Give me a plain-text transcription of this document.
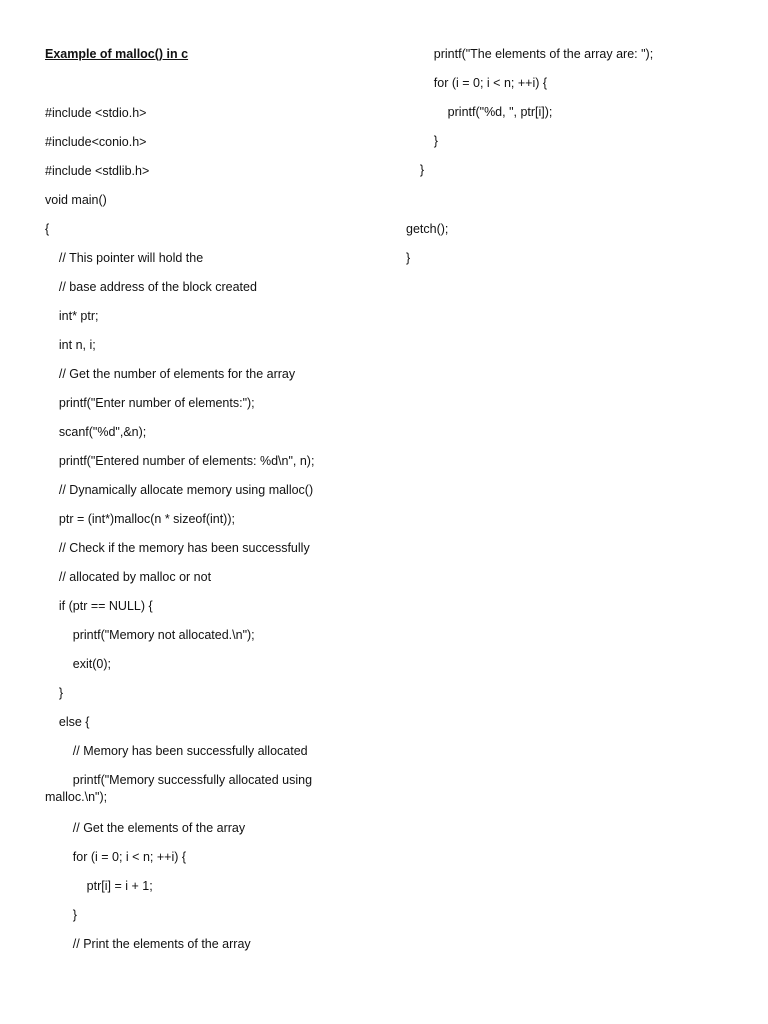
Example of malloc() in c
#include <stdio.h>
#include<conio.h>
#include <stdlib.h>
void main()
{
// This pointer will hold the
// base address of the block created
int* ptr;
int n, i;
// Get the number of elements for the array
printf("Enter number of elements:");
scanf("%d",&n);
printf("Entered number of elements: %d\n", n);
// Dynamically allocate memory using malloc()
ptr = (int*)malloc(n * sizeof(int));
// Check if the memory has been successfully
// allocated by malloc or not
if (ptr == NULL) {
printf("Memory not allocated.\n");
exit(0);
}
else {
// Memory has been successfully allocated
printf("Memory successfully allocated using
malloc.\n");
// Get the elements of the array
for (i = 0; i < n; ++i) {
ptr[i] = i + 1;
}
// Print the elements of the array
printf("The elements of the array are: ");
for (i = 0; i < n; ++i) {
printf("%d, ", ptr[i]);
}
}
getch();
}
